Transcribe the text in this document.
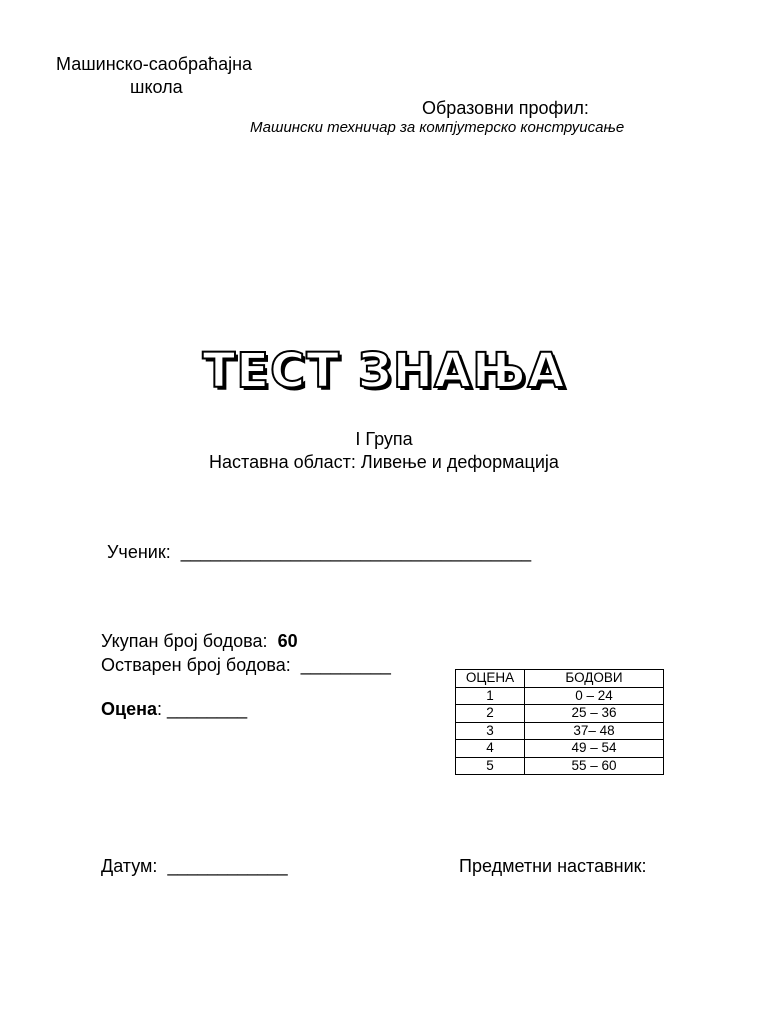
Машинско-саобраћајна
школа
Образовни профил:
Машински техничар за компјутерско конструисање
ТЕСТ ЗНАЊА
I Група
Наставна област: Ливење и деформација
Ученик: ___________________________________
Укупан број бодова: 60
Остварен број бодова: _________
Оцена: ________
ОЦЕНА	БОДОВИ
1	0 – 24
2	25 – 36
3	37– 48
4	49 – 54
5	55 – 60
Датум: ____________	Предметни наставник:
